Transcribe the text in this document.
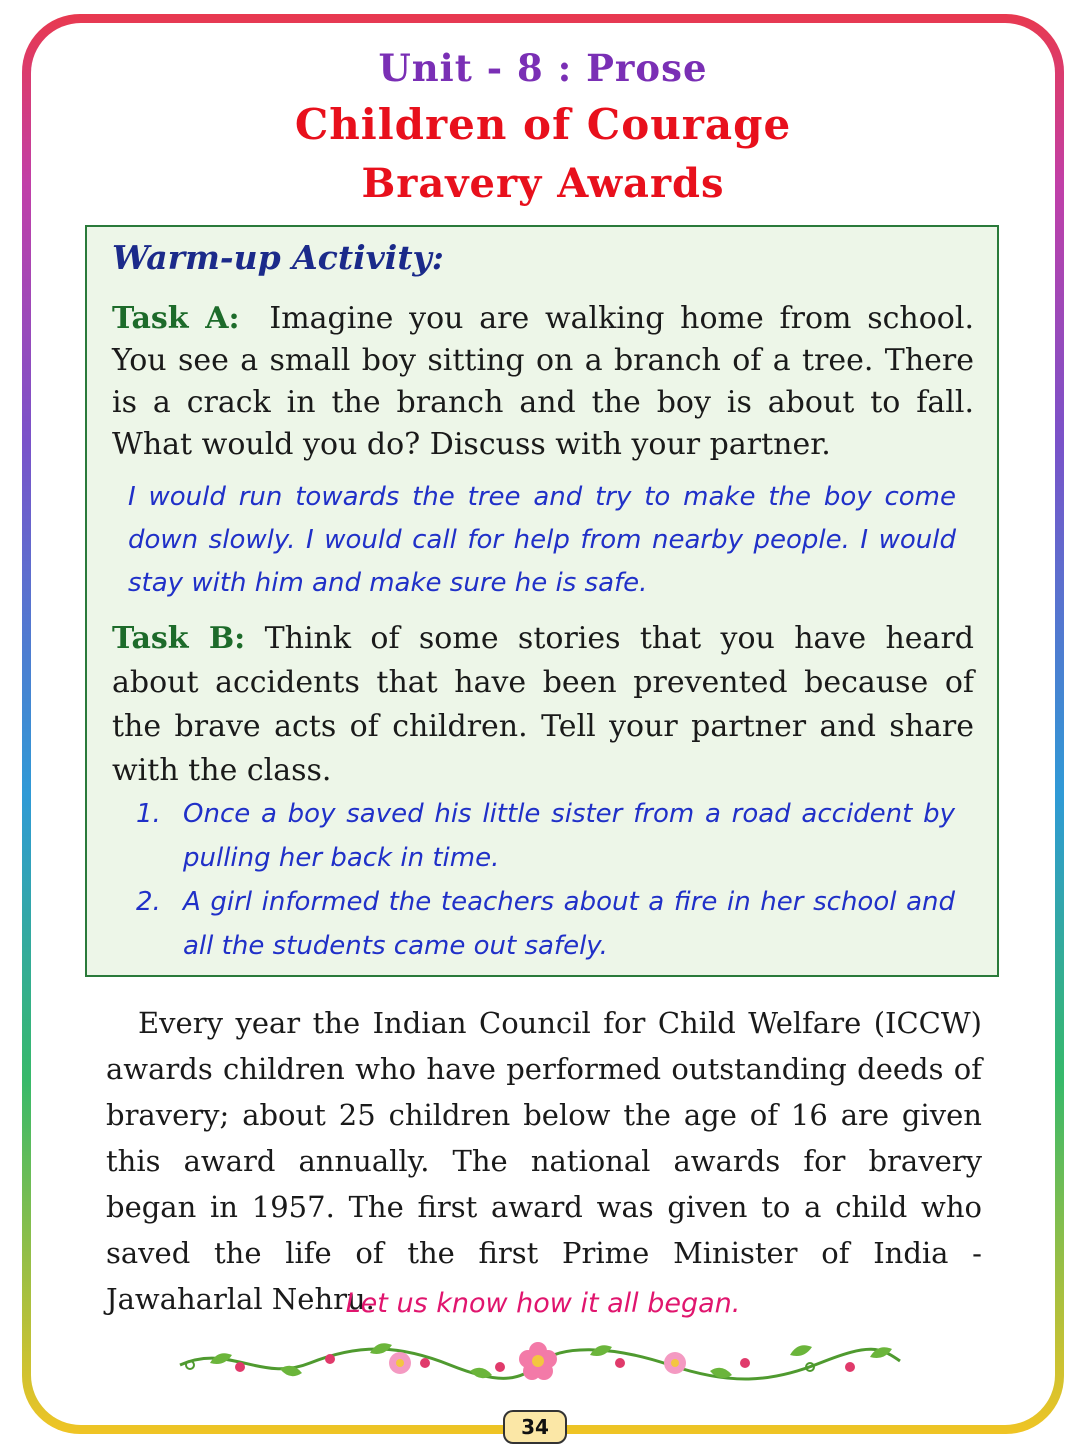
Unit - 8 : Prose
Children of Courage
Bravery Awards
Warm-up Activity:
Task A: Imagine you are walking home from school. You see a small boy sitting on a branch of a tree. There is a crack in the branch and the boy is about to fall. What would you do? Discuss with your partner.
I would run towards the tree and try to make the boy come down slowly. I would call for help from nearby people. I would stay with him and make sure he is safe.
Task B: Think of some stories that you have heard about accidents that have been prevented because of the brave acts of children. Tell your partner and share with the class.
1. Once a boy saved his little sister from a road accident by pulling her back in time.
2. A girl informed the teachers about a fire in her school and all the students came out safely.
Every year the Indian Council for Child Welfare (ICCW) awards children who have performed outstanding deeds of bravery; about 25 children below the age of 16 are given this award annually. The national awards for bravery began in 1957. The first award was given to a child who saved the life of the first Prime Minister of India - Jawaharlal Nehru.
Let us know how it all began.
34
